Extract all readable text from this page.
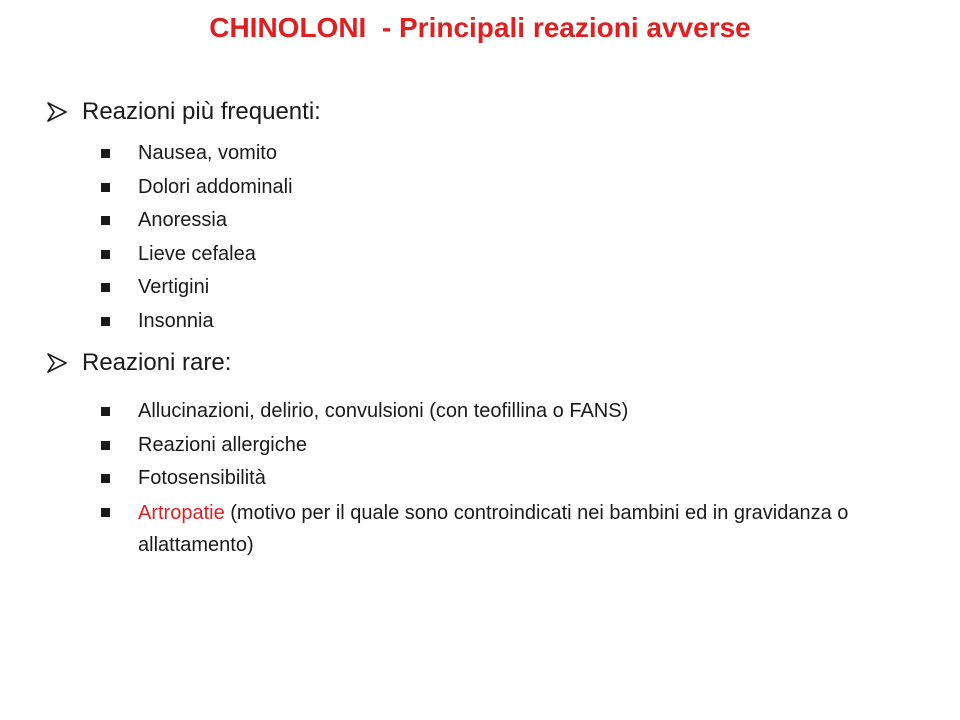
CHINOLONI  - Principali reazioni avverse
Reazioni più frequenti:
Nausea, vomito
Dolori addominali
Anoressia
Lieve cefalea
Vertigini
Insonnia
Reazioni rare:
Allucinazioni, delirio, convulsioni (con teofillina o FANS)
Reazioni allergiche
Fotosensibilità
Artropatie (motivo per il quale sono controindicati nei bambini ed in gravidanza o allattamento)
